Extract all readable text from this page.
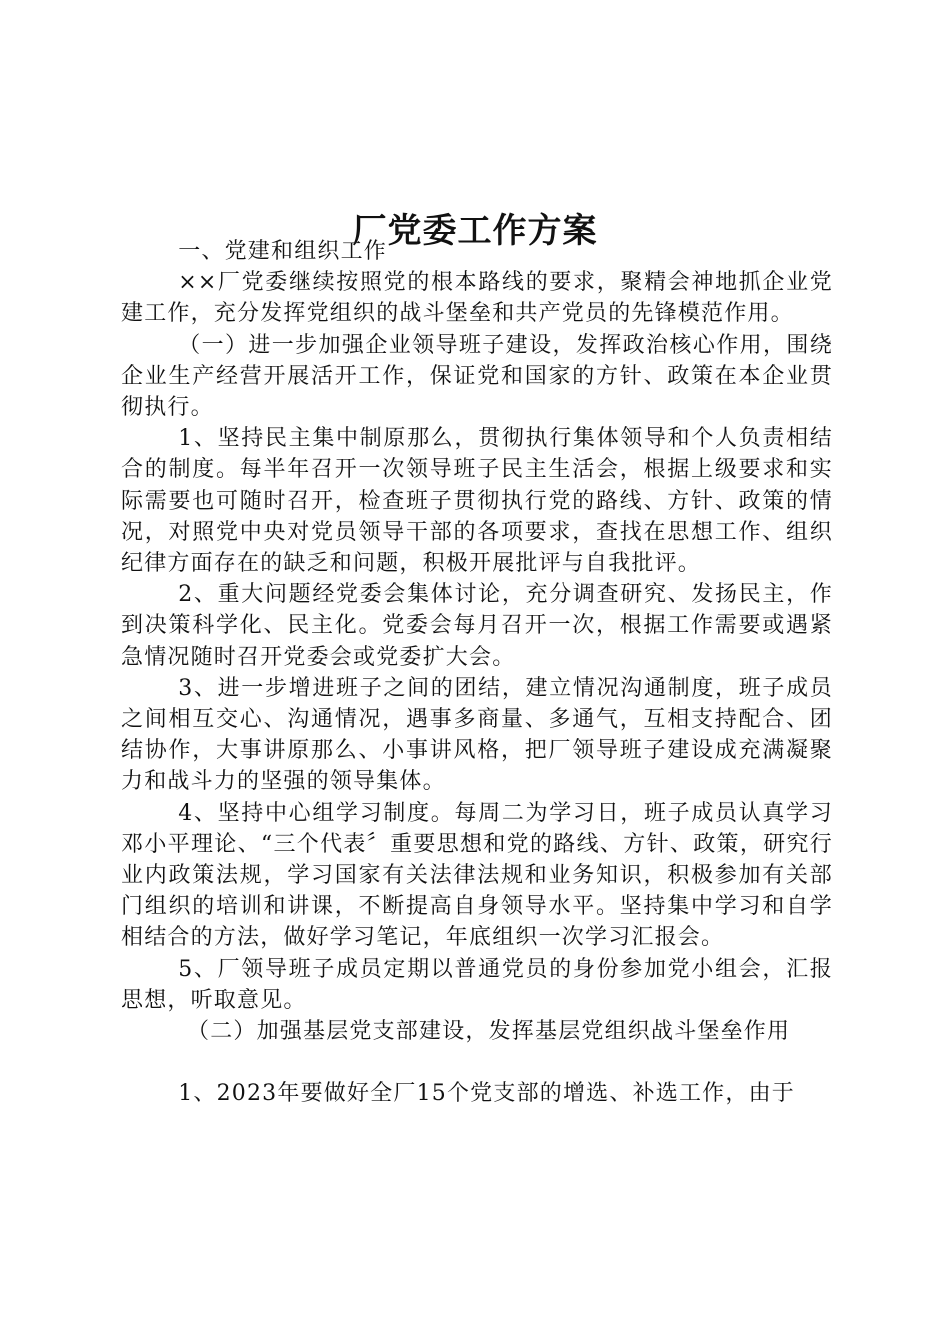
厂党委工作方案

一、党建和组织工作

××厂党委继续按照党的根本路线的要求，聚精会神地抓企业党建工作，充分发挥党组织的战斗堡垒和共产党员的先锋模范作用。

（一）进一步加强企业领导班子建设，发挥政治核心作用，围绕企业生产经营开展活开工作，保证党和国家的方针、政策在本企业贯彻执行。

1、坚持民主集中制原那么，贯彻执行集体领导和个人负责相结合的制度。每半年召开一次领导班子民主生活会，根据上级要求和实际需要也可随时召开，检查班子贯彻执行党的路线、方针、政策的情况，对照党中央对党员领导干部的各项要求，查找在思想工作、组织纪律方面存在的缺乏和问题，积极开展批评与自我批评。

2、重大问题经党委会集体讨论，充分调查研究、发扬民主，作到决策科学化、民主化。党委会每月召开一次，根据工作需要或遇紧急情况随时召开党委会或党委扩大会。

3、进一步增进班子之间的团结，建立情况沟通制度，班子成员之间相互交心、沟通情况，遇事多商量、多通气，互相支持配合、团结协作，大事讲原那么、小事讲风格，把厂领导班子建设成充满凝聚力和战斗力的坚强的领导集体。

4、坚持中心组学习制度。每周二为学习日，班子成员认真学习邓小平理论、“三个代表〞重要思想和党的路线、方针、政策，研究行业内政策法规，学习国家有关法律法规和业务知识，积极参加有关部门组织的培训和讲课，不断提高自身领导水平。坚持集中学习和自学相结合的方法，做好学习笔记，年底组织一次学习汇报会。

5、厂领导班子成员定期以普通党员的身份参加党小组会，汇报思想，听取意见。

（二）加强基层党支部建设，发挥基层党组织战斗堡垒作用

1、2023年要做好全厂15个党支部的增选、补选工作，由于
